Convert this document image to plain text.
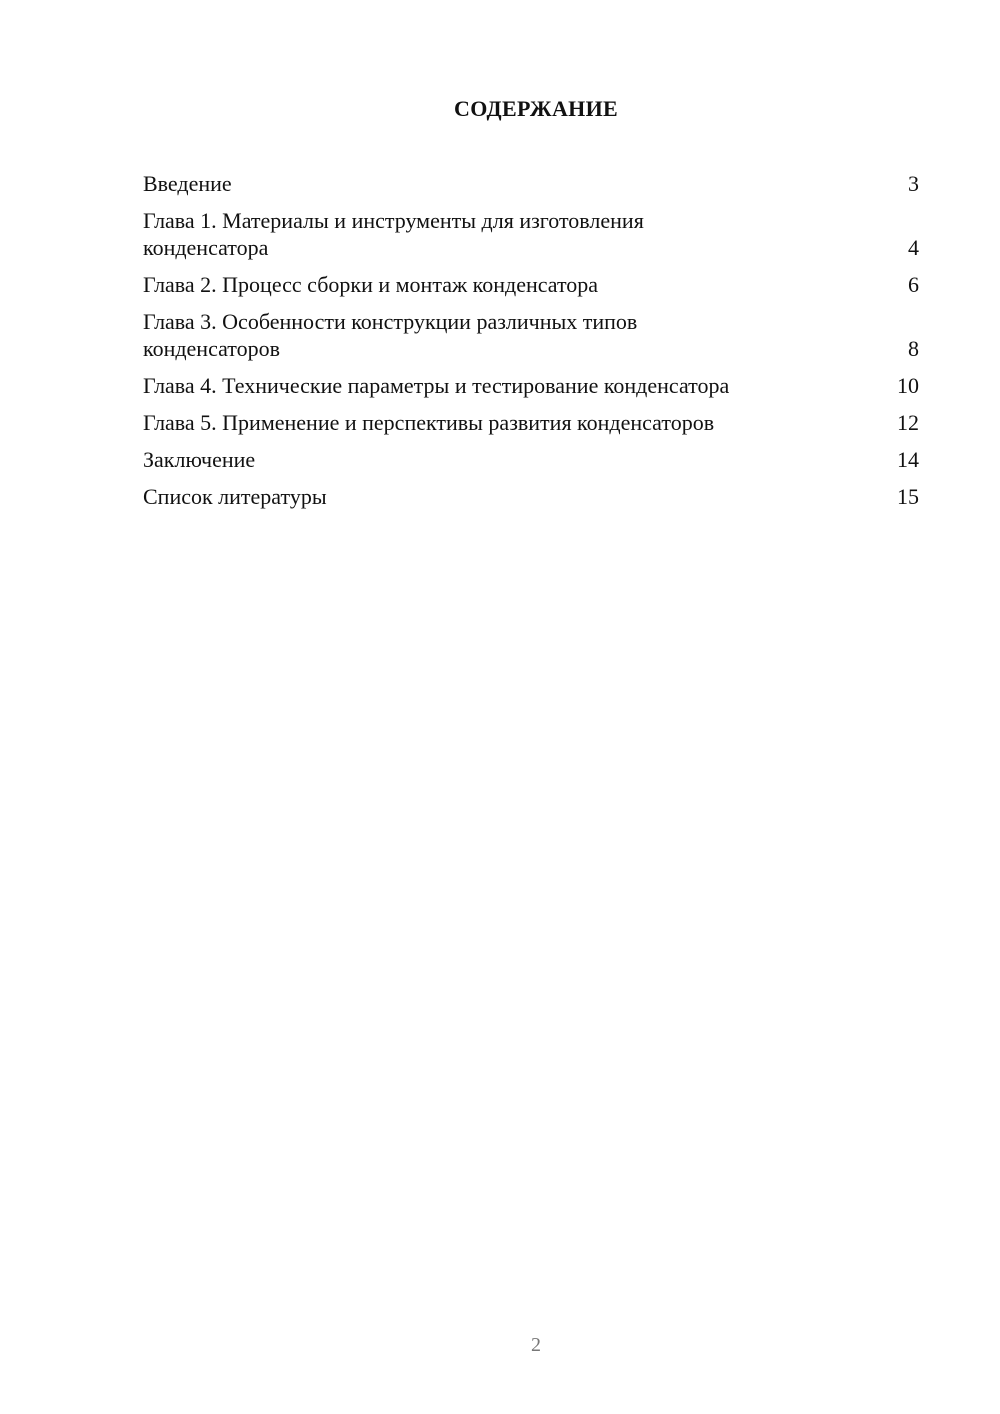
СОДЕРЖАНИЕ
Введение	3
Глава 1. Материалы и инструменты для изготовления конденсатора	4
Глава 2. Процесс сборки и монтаж конденсатора	6
Глава 3. Особенности конструкции различных типов конденсаторов	8
Глава 4. Технические параметры и тестирование конденсатора	10
Глава 5. Применение и перспективы развития конденсаторов	12
Заключение	14
Список литературы	15
2
